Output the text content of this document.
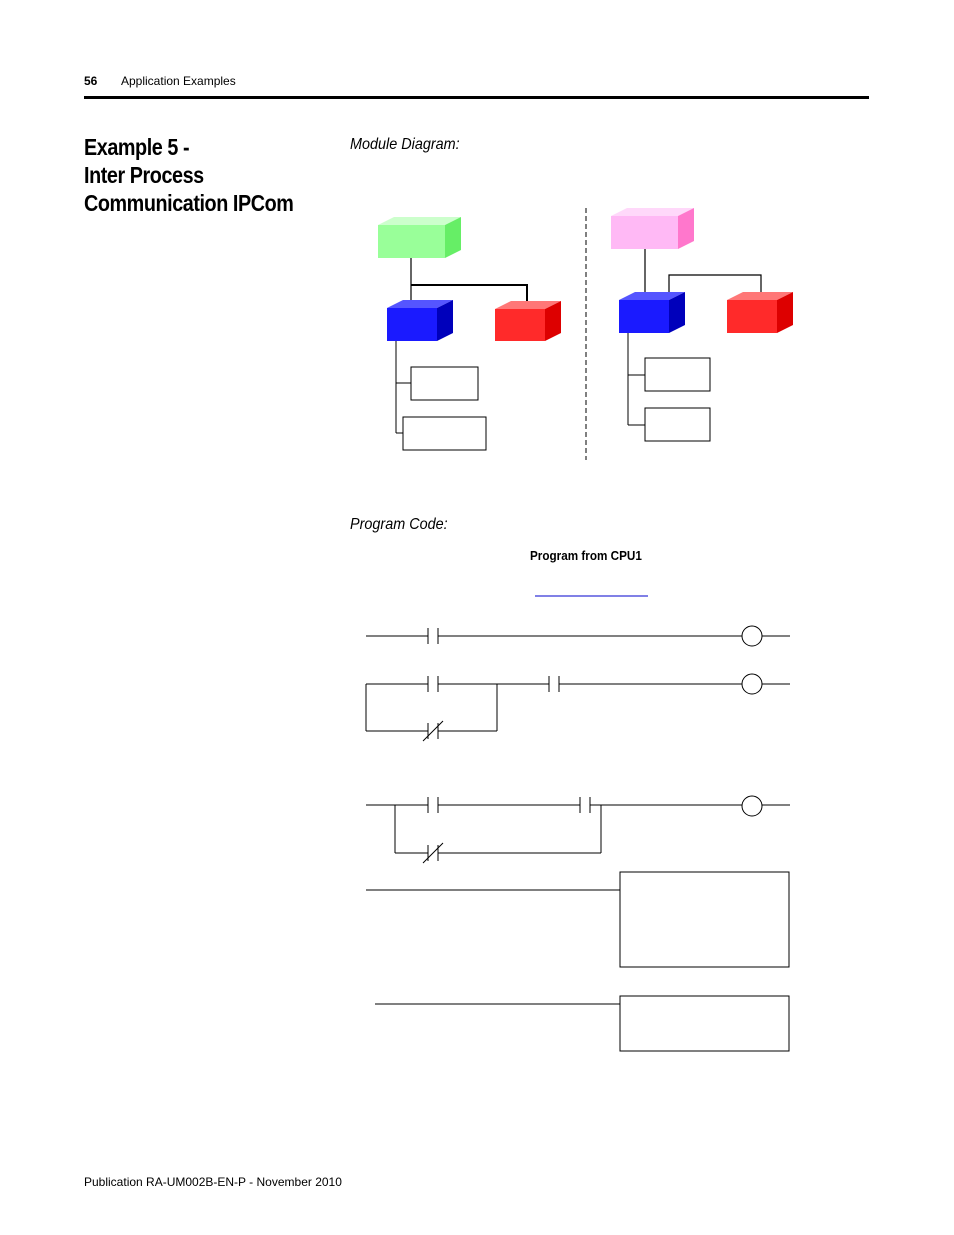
56 Application Examples
Example 5 -
Inter Process
Communication IPCom
Module Diagram:
Program Code:
Program from CPU1
Publication RA-UM002B-EN-P - November 2010
